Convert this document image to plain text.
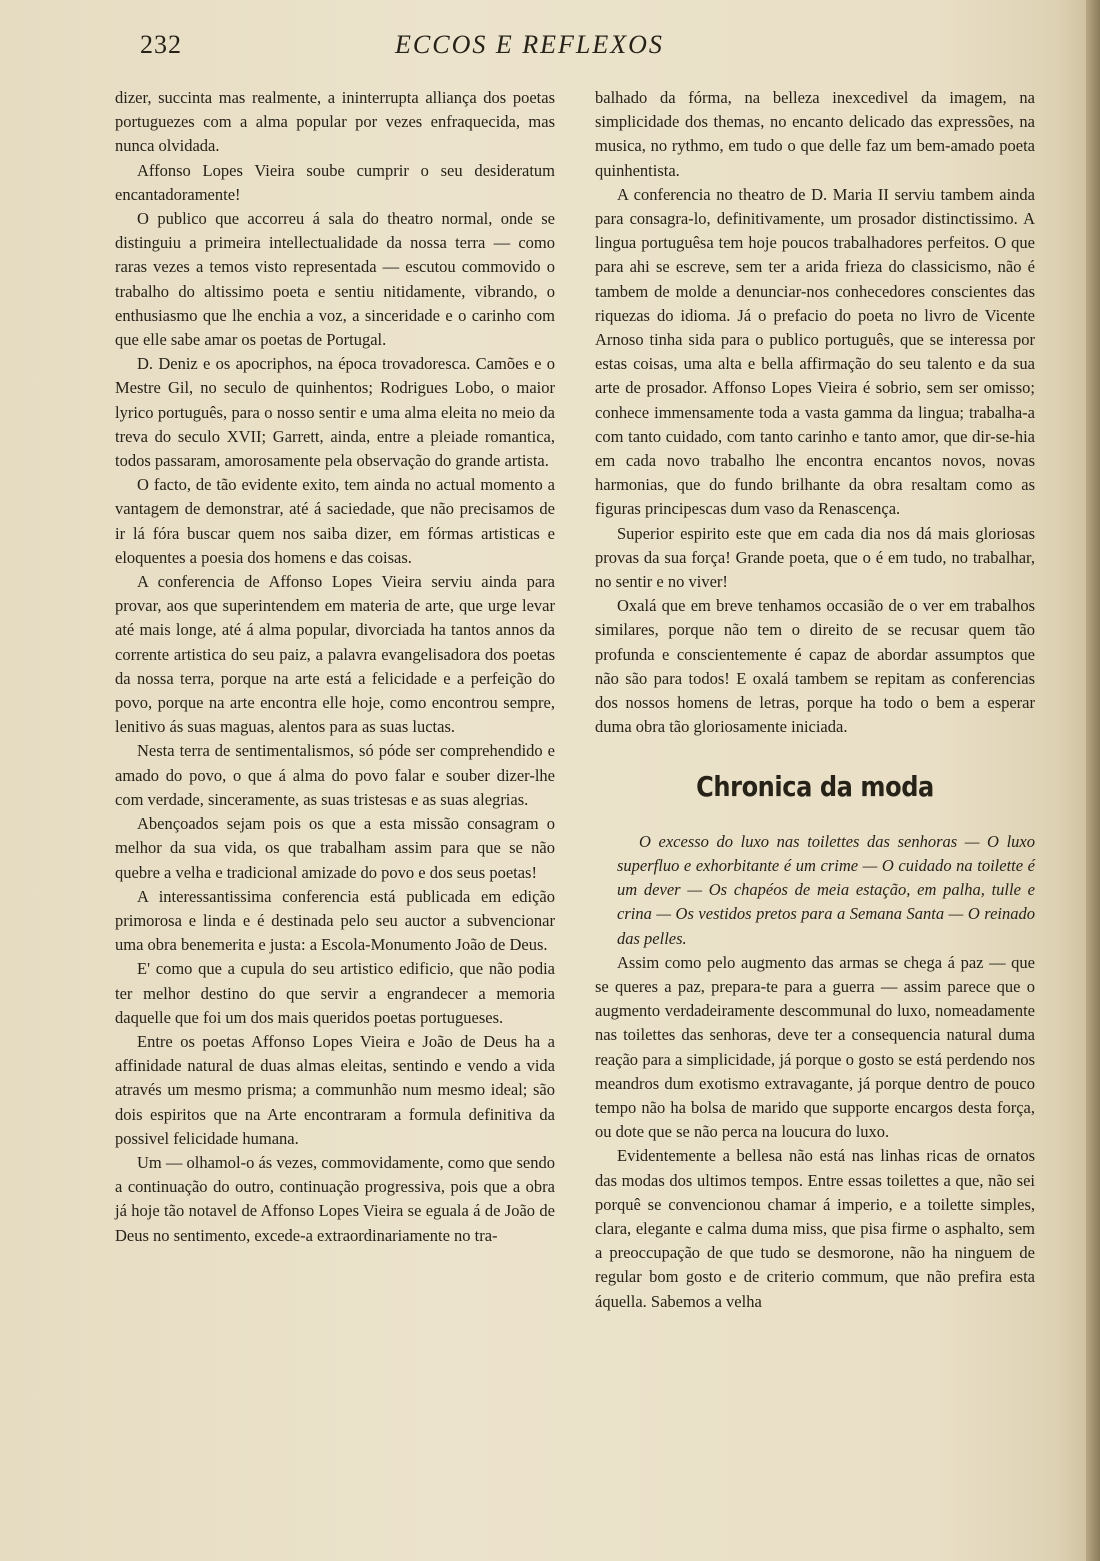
232	ECCOS E REFLEXOS

dizer, succinta mas realmente, a ininterrupta alliança dos poetas portuguezes com a alma popular por vezes enfraquecida, mas nunca olvidada.

Affonso Lopes Vieira soube cumprir o seu desideratum encantadoramente!

O publico que accorreu á sala do theatro normal, onde se distinguiu a primeira intellectualidade da nossa terra — como raras vezes a temos visto representada — escutou commovido o trabalho do altissimo poeta e sentiu nitidamente, vibrando, o enthusiasmo que lhe enchia a voz, a sinceridade e o carinho com que elle sabe amar os poetas de Portugal.

D. Deniz e os apocriphos, na época trovadoresca. Camões e o Mestre Gil, no seculo de quinhentos; Rodrigues Lobo, o maior lyrico português, para o nosso sentir e uma alma eleita no meio da treva do seculo XVII; Garrett, ainda, entre a pleiade romantica, todos passaram, amorosamente pela observação do grande artista.

O facto, de tão evidente exito, tem ainda no actual momento a vantagem de demonstrar, até á saciedade, que não precisamos de ir lá fóra buscar quem nos saiba dizer, em fórmas artisticas e eloquentes a poesia dos homens e das coisas.

A conferencia de Affonso Lopes Vieira serviu ainda para provar, aos que superintendem em materia de arte, que urge levar até mais longe, até á alma popular, divorciada ha tantos annos da corrente artistica do seu paiz, a palavra evangelisadora dos poetas da nossa terra, porque na arte está a felicidade e a perfeição do povo, porque na arte encontra elle hoje, como encontrou sempre, lenitivo ás suas maguas, alentos para as suas luctas.

Nesta terra de sentimentalismos, só póde ser comprehendido e amado do povo, o que á alma do povo falar e souber dizer-lhe com verdade, sinceramente, as suas tristesas e as suas alegrias.

Abençoados sejam pois os que a esta missão consagram o melhor da sua vida, os que trabalham assim para que se não quebre a velha e tradicional amizade do povo e dos seus poetas!

A interessantissima conferencia está publicada em edição primorosa e linda e é destinada pelo seu auctor a subvencionar uma obra benemerita e justa: a Escola-Monumento João de Deus.

E' como que a cupula do seu artistico edificio, que não podia ter melhor destino do que servir a engrandecer a memoria daquelle que foi um dos mais queridos poetas portugueses.

Entre os poetas Affonso Lopes Vieira e João de Deus ha a affinidade natural de duas almas eleitas, sentindo e vendo a vida através um mesmo prisma; a communhão num mesmo ideal; são dois espiritos que na Arte encontraram a formula definitiva da possivel felicidade humana.

Um — olhamol-o ás vezes, commovidamente, como que sendo a continuação do outro, continuação progressiva, pois que a obra já hoje tão notavel de Affonso Lopes Vieira se eguala á de João de Deus no sentimento, excede-a extraordinariamente no tra-

balhado da fórma, na belleza inexcedivel da imagem, na simplicidade dos themas, no encanto delicado das expressões, na musica, no rythmo, em tudo o que delle faz um bem-amado poeta quinhentista.

A conferencia no theatro de D. Maria II serviu tambem ainda para consagra-lo, definitivamente, um prosador distinctissimo. A lingua portuguêsa tem hoje poucos trabalhadores perfeitos. O que para ahi se escreve, sem ter a arida frieza do classicismo, não é tambem de molde a denunciar-nos conhecedores conscientes das riquezas do idioma. Já o prefacio do poeta no livro de Vicente Arnoso tinha sida para o publico português, que se interessa por estas coisas, uma alta e bella affirmação do seu talento e da sua arte de prosador. Affonso Lopes Vieira é sobrio, sem ser omisso; conhece immensamente toda a vasta gamma da lingua; trabalha-a com tanto cuidado, com tanto carinho e tanto amor, que dir-se-hia em cada novo trabalho lhe encontra encantos novos, novas harmonias, que do fundo brilhante da obra resaltam como as figuras principescas dum vaso da Renascença.

Superior espirito este que em cada dia nos dá mais gloriosas provas da sua força! Grande poeta, que o é em tudo, no trabalhar, no sentir e no viver!

Oxalá que em breve tenhamos occasião de o ver em trabalhos similares, porque não tem o direito de se recusar quem tão profunda e conscientemente é capaz de abordar assumptos que não são para todos! E oxalá tambem se repitam as conferencias dos nossos homens de letras, porque ha todo o bem a esperar duma obra tão gloriosamente iniciada.

Chronica da moda

O excesso do luxo nas toilettes das senhoras — O luxo superfluo e exhorbitante é um crime — O cuidado na toilette é um dever — Os chapéos de meia estação, em palha, tulle e crina — Os vestidos pretos para a Semana Santa — O reinado das pelles.

Assim como pelo augmento das armas se chega á paz — que se queres a paz, prepara-te para a guerra — assim parece que o augmento verdadeiramente descommunal do luxo, nomeadamente nas toilettes das senhoras, deve ter a consequencia natural duma reação para a simplicidade, já porque o gosto se está perdendo nos meandros dum exotismo extravagante, já porque dentro de pouco tempo não ha bolsa de marido que supporte encargos desta força, ou dote que se não perca na loucura do luxo.

Evidentemente a bellesa não está nas linhas ricas de ornatos das modas dos ultimos tempos. Entre essas toilettes a que, não sei porquê se convencionou chamar á imperio, e a toilette simples, clara, elegante e calma duma miss, que pisa firme o asphalto, sem a preoccupação de que tudo se desmorone, não ha ninguem de regular bom gosto e de criterio commum, que não prefira esta áquella. Sabemos a velha
